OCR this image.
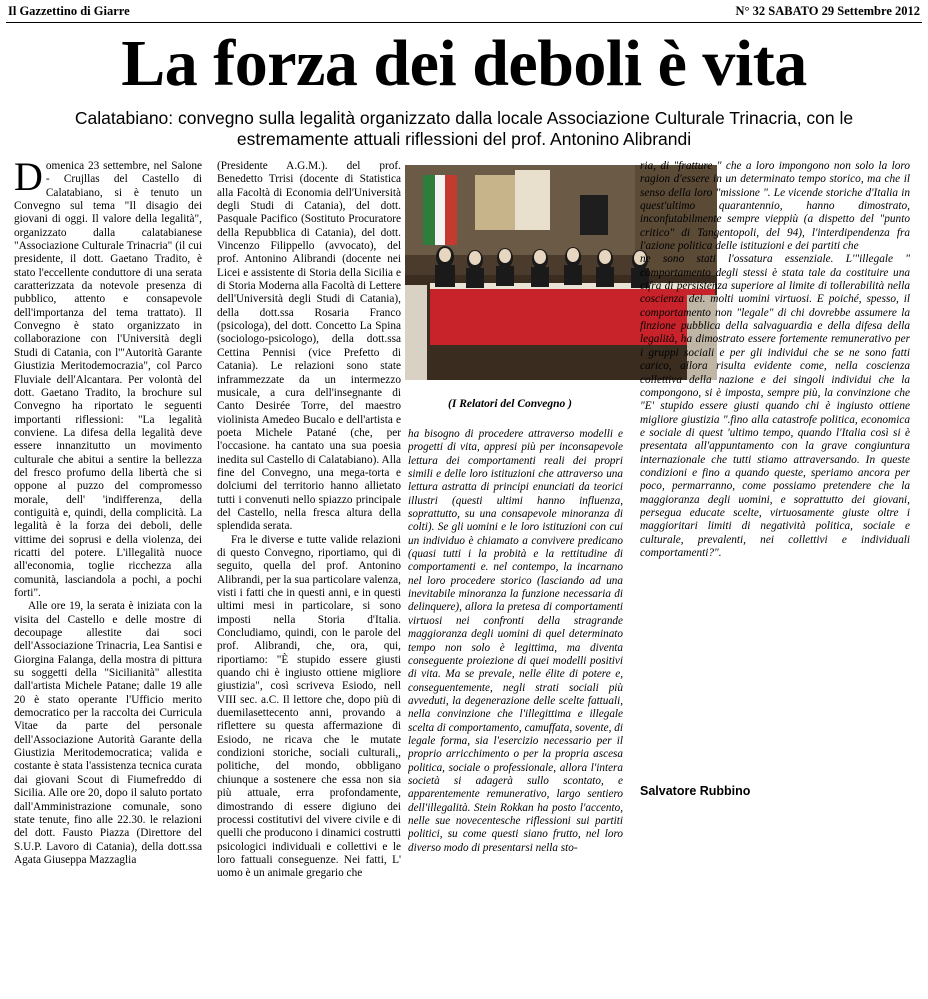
Il Gazzettino di Giarre	N° 32 SABATO 29 Settembre 2012
La forza dei deboli è vita
Calatabiano: convegno sulla legalità organizzato dalla locale Associazione Culturale Trinacria, con le estremamente attuali riflessioni del prof. Antonino Alibrandi
D omenica 23 settembre, nel Salone - Crujllas del Castello di Calatabiano, si è tenuto un Convegno sul tema "Il disagio dei giovani di oggi. Il valore della legalità", organizzato dalla calatabianese "Associazione Culturale Trinacria" (il cui presidente, il dott. Gaetano Tradito, è stato l'eccellente conduttore di una serata caratterizzata da notevole presenza di pubblico, attento e consapevole dell'importanza del tema trattato). Il Convegno è stato organizzato in collaborazione con l'Università degli Studi di Catania, con l'"Autorità Garante Giustizia Meritodemocrazia", col Parco Fluviale dell'Alcantara. Per volontà del dott. Gaetano Tradito, la brochure sul Convegno ha riportato le seguenti importanti riflessioni: "La legalità conviene. La difesa della legalità deve essere innanzitutto un movimento culturale che abitui a sentire la bellezza del fresco profumo della libertà che si oppone al puzzo del compromesso morale, dell' 'indifferenza, della contiguità e, quindi, della complicità. La legalità è la forza dei deboli, delle vittime dei soprusi e della violenza, dei ricatti del potere. L'illegalità nuoce all'economia, toglie ricchezza alla comunità, lasciandola a pochi, a pochi forti".

Alle ore 19, la serata è iniziata con la visita del Castello e delle mostre di decoupage allestite dai soci dell'Associazione Trinacria, Lea Santisi e Giorgina Falanga, della mostra di pittura su soggetti della "Sicilianità" allestita dall'artista Michele Patane; dalle 19 alle 20 è stato operante l'Ufficio merito democratico per la raccolta dei Curricula Vitae da parte del personale dell'Associazione Autorità Garante della Giustizia Meritodemocratica; valida e costante è stata l'assistenza tecnica curata dai giovani Scout di Fiumefreddo di Sicilia. Alle ore 20, dopo il saluto portato dall'Amministrazione comunale, sono state tenute, fino alle 22.30. le relazioni del dott. Fausto Piazza (Direttore del S.U.P. Lavoro di Catania), della dott.ssa Agata Giuseppa Mazzaglia

(Presidente A.G.M.). del prof. Benedetto Trrisi (docente di Statistica alla Facoltà di Economia dell'Università degli Studi di Catania), del dott. Pasquale Pacifico (Sostituto Procuratore della Repubblica di Catania), del dott. Vincenzo Filippello (avvocato), del prof. Antonino Alibrandi (docente nei Licei e assistente di Storia della Sicilia e di Storia Moderna alla Facoltà di Lettere dell'Università degli Studi di Catania), della dott.ssa Rosaria Franco (psicologa), del dott. Concetto La Spina (sociologo-psicologo), della dott.ssa Cettina Pennisi (vice Prefetto di Catania). Le relazioni sono state inframmezzate da un intermezzo musicale, a cura dell'insegnante di Canto Desirée Torre, del maestro violinista Amedeo Bucalo e dell'artista e poeta Michele Patané (che, per l'occasione. ha cantato una sua poesia inedita sul Castello di Calatabiano). Alla fine del Convegno, una mega-torta e dolciumi del territorio hanno allietato tutti i convenuti nello spiazzo principale del Castello, nella fresca altura della splendida serata.

Fra le diverse e tutte valide relazioni di questo Convegno, riportiamo, qui di seguito, quella del prof. Antonino Alibrandi, per la sua particolare valenza, visti i fatti che in questi anni, e in questi ultimi mesi in particolare, si sono imposti nella Storia d'Italia. Concludiamo, quindi, con le parole del prof. Alibrandi, che, ora, qui, riportiamo: "È stupido essere giusti quando chi è ingiusto ottiene migliore giustizia", così scriveva Esiodo, nell VIII sec. a.C. Il lettore che, dopo più di duemilasettecento anni, provando a riflettere su questa affermazione di Esiodo, ne ricava che le mutate condizioni storiche, sociali culturali,, politiche, del mondo, obbligano chiunque a sostenere che essa non sia più attuale, erra profondamente, dimostrando di essere digiuno dei processi costitutivi del vivere civile e di quelli che producono i dinamici costrutti psicologici individuali e collettivi e le loro fattuali conseguenze. Nei fatti, L' uomo è un animale gregario che

(I Relatori del Convegno )

ha bisogno di procedere attraverso modelli e progetti di vita, appresi più per inconsapevole lettura dei comportamenti reali dei propri simili e delle loro istituzioni che attraverso una lettura astratta di principi enunciati da teorici illustri (questi ultimi hanno influenza, soprattutto, su una consapevole minoranza di colti). Se gli uomini e le loro istituzioni con cui un individuo è chiamato a convivere predicano (quasi tutti i la probità e la rettitudine di comportamenti e. nel contempo, la incarnano nel loro procedere storico (lasciando ad una inevitabile minoranza la funzione necessaria di delinquere), allora la pretesa di comportamenti virtuosi nei confronti della stragrande maggioranza degli uomini di quel determinato tempo non solo è legittima, ma diventa conseguente proiezione di quei modelli positivi di vita. Ma se prevale, nelle élite di potere e, conseguentemente, negli strati sociali più avveduti, la degenerazione delle scelte fattuali, nella convinzione che l'illegittima e illegale scelta di comportamento, camuffata, sovente, di legale forma, sia l'esercizio necessario per il proprio arricchimento o per la propria ascesa politica, sociale o professionale, allora l'intera società si adagerà sullo scontato, e apparentemente remunerativo, largo sentiero dell'illegalità. Stein Rokkan ha posto l'accento, nelle sue novecentesche riflessioni sui partiti politici, su come questi siano frutto, nel loro diverso modo di presentarsi nella sto-

ria, di "fratture " che a loro impongono non solo la loro ragion d'essere in un determinato tempo storico, ma che il senso della loro "missione ". Le vicende storiche d'Italia in quest'ultimo quarantennio, hanno dimostrato, inconfutabilmente sempre vieppiù (a dispetto del "punto critico" di Tangentopoli, del 94), l'interdipendenza fra l'azione politica delle istituzioni e dei partiti che

ne sono stati l'ossatura essenziale. L'"illegale " comportamento degli stessi è stata tale da costituire una cifra di persistenza superiore al limite di tollerabilità nella coscienza dei. molti uomini virtuosi. E poiché, spesso, il comportamento non "legale" di chi dovrebbe assumere la finzione pubblica della salvaguardia e della difesa della legalità, ha dimostrato essere fortemente remunerativo per i gruppi sociali e per gli individui che se ne sono fatti carico, allora risulta evidente come, nella coscienza collettiva della nazione e dei singoli individui che la compongono, si è imposta, sempre più, la convinzione che "E' stupido essere giusti quando chi è ingiusto ottiene migliore giustizia ".fino alla catastrofe politica, economica e sociale di quest 'ultimo tempo, quando l'Italia così si è presentata all'appuntamento con la grave congiuntura internazionale che tutti stiamo attraversando. In queste condizioni e fino a quando queste, speriamo ancora per poco, permarranno, come possiamo pretendere che la maggioranza degli uomini, e soprattutto dei giovani, persegua educate scelte, virtuosamente giuste oltre i maggioritari limiti di negatività politica, sociale e culturale, prevalenti, nei collettivi e individuali comportamenti?".

Salvatore Rubbino
